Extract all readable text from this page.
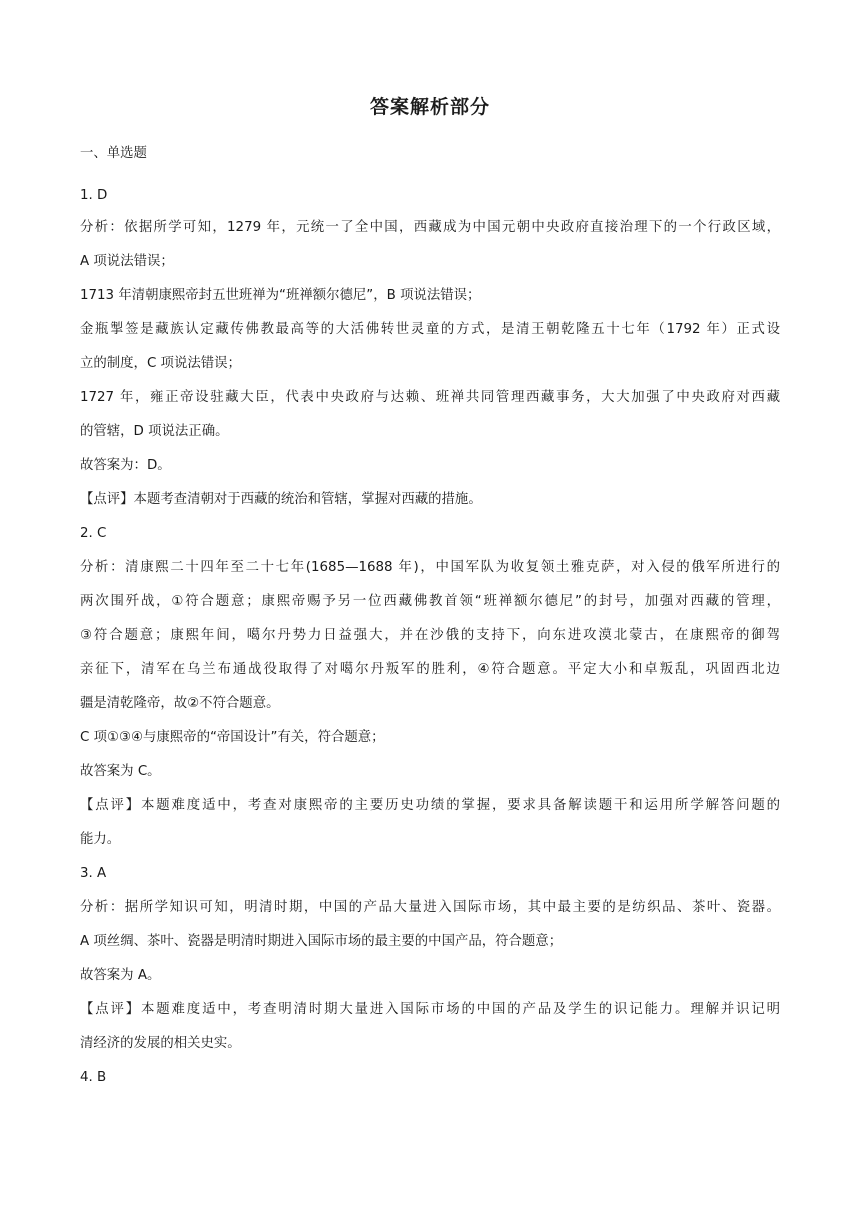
答案解析部分
一、单选题
1. D
分析：依据所学可知，1279 年，元统一了全中国，西藏成为中国元朝中央政府直接治理下的一个行政区域，
A 项说法错误；
1713 年清朝康熙帝封五世班禅为“班禅额尔德尼”，B 项说法错误；
金瓶掣签是藏族认定藏传佛教最高等的大活佛转世灵童的方式，是清王朝乾隆五十七年（1792 年）正式设
立的制度，C 项说法错误；
1727 年，雍正帝设驻藏大臣，代表中央政府与达赖、班禅共同管理西藏事务，大大加强了中央政府对西藏
的管辖，D 项说法正确。
故答案为：D。
【点评】本题考查清朝对于西藏的统治和管辖，掌握对西藏的措施。
2. C
分析：清康熙二十四年至二十七年(1685—1688 年)，中国军队为收复领土雅克萨，对入侵的俄军所进行的
两次围歼战，①符合题意；康熙帝赐予另一位西藏佛教首领“班禅额尔德尼”的封号，加强对西藏的管理，
③符合题意；康熙年间，噶尔丹势力日益强大，并在沙俄的支持下，向东进攻漠北蒙古，在康熙帝的御驾
亲征下，清军在乌兰布通战役取得了对噶尔丹叛军的胜利，④符合题意。平定大小和卓叛乱，巩固西北边
疆是清乾隆帝，故②不符合题意。
C 项①③④与康熙帝的“帝国设计”有关，符合题意；
故答案为 C。
【点评】本题难度适中，考查对康熙帝的主要历史功绩的掌握，要求具备解读题干和运用所学解答问题的
能力。
3. A
分析：据所学知识可知，明清时期，中国的产品大量进入国际市场，其中最主要的是纺织品、茶叶、瓷器。
A 项丝绸、茶叶、瓷器是明清时期进入国际市场的最主要的中国产品，符合题意；
故答案为 A。
【点评】本题难度适中，考查明清时期大量进入国际市场的中国的产品及学生的识记能力。理解并识记明
清经济的发展的相关史实。
4. B
